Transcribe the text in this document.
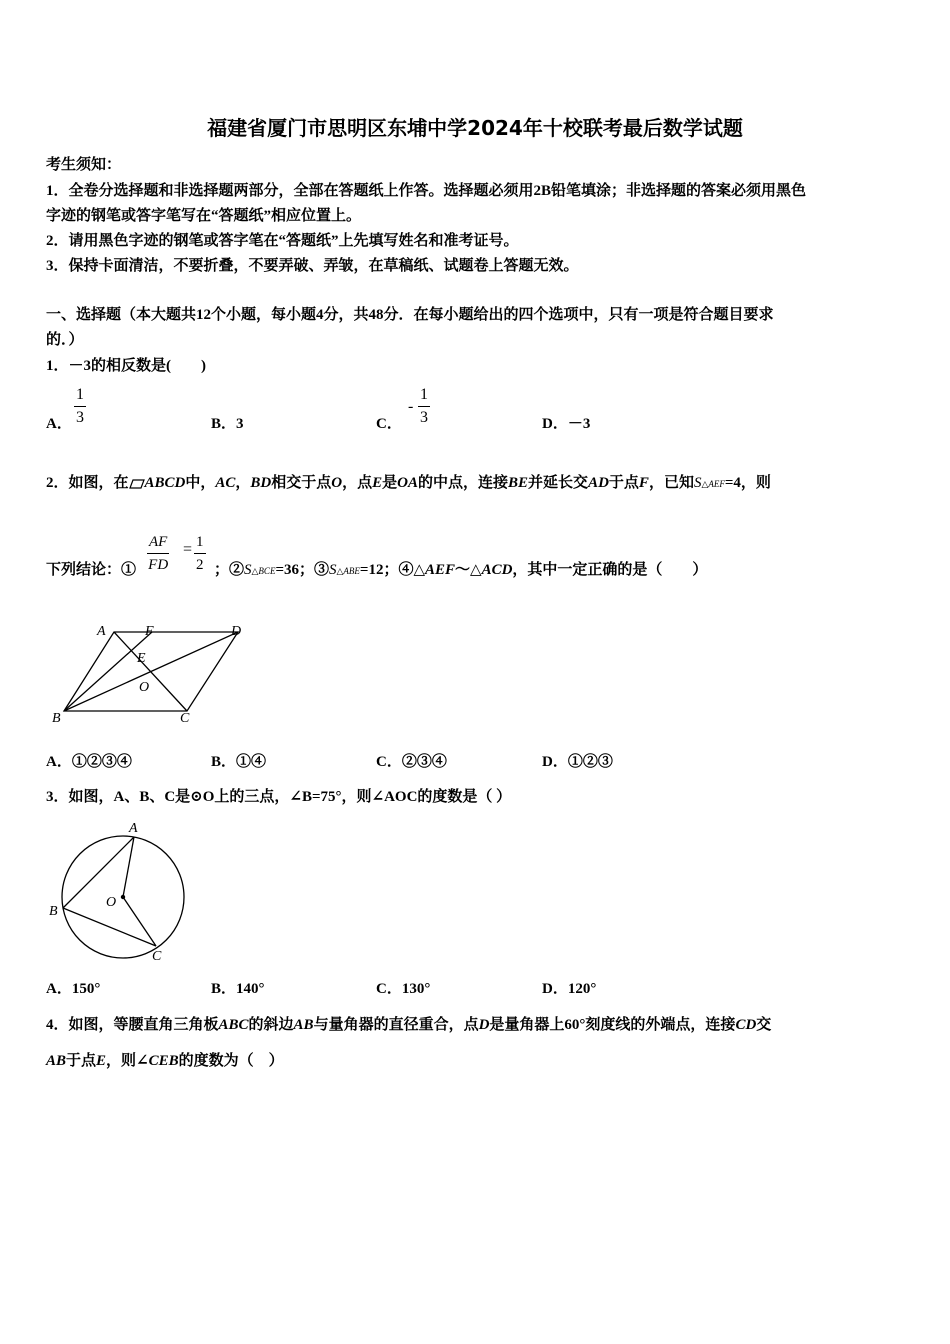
福建省厦门市思明区东埔中学2024年十校联考最后数学试题
考生须知：
1．全卷分选择题和非选择题两部分，全部在答题纸上作答。选择题必须用2B铅笔填涂；非选择题的答案必须用黑色
字迹的钢笔或答字笔写在“答题纸”相应位置上。
2．请用黑色字迹的钢笔或答字笔在“答题纸”上先填写姓名和准考证号。
3．保持卡面清洁，不要折叠，不要弄破、弄皱，在草稿纸、试题卷上答题无效。
一、选择题（本大题共12个小题，每小题4分，共48分．在每小题给出的四个选项中，只有一项是符合题目要求
的．）
1．－3的相反数是(　　)
A． $\frac{1}{3}$	B．3	C．
- $\frac{1}{3}$	D．－3
2．如图，在 ABCD中，AC，BD相交于点O，点E是OA的中点，连接BE并延长交AD于点F，已知S△AEF=4，则
下列结论：① $\frac{AF}{FD} = \frac{1}{2}$ ；②S△BCE=36；③S△ABE=12；④△AEF～△ACD，其中一定正确的是（　　）
A	F	D
E
O
B	C
A．①②③④	B．①④	C．②③④	D．①②③
3．如图，A、B、C是⊙O上的三点，∠B=75°，则∠AOC的度数是（ ）
A
B
O
C
A．150°	B．140°	C．130°	D．120°
4．如图，等腰直角三角板ABC的斜边AB与量角器的直径重合，点D是量角器上60°刻度线的外端点，连接CD交
AB于点E，则∠CEB的度数为（　）
